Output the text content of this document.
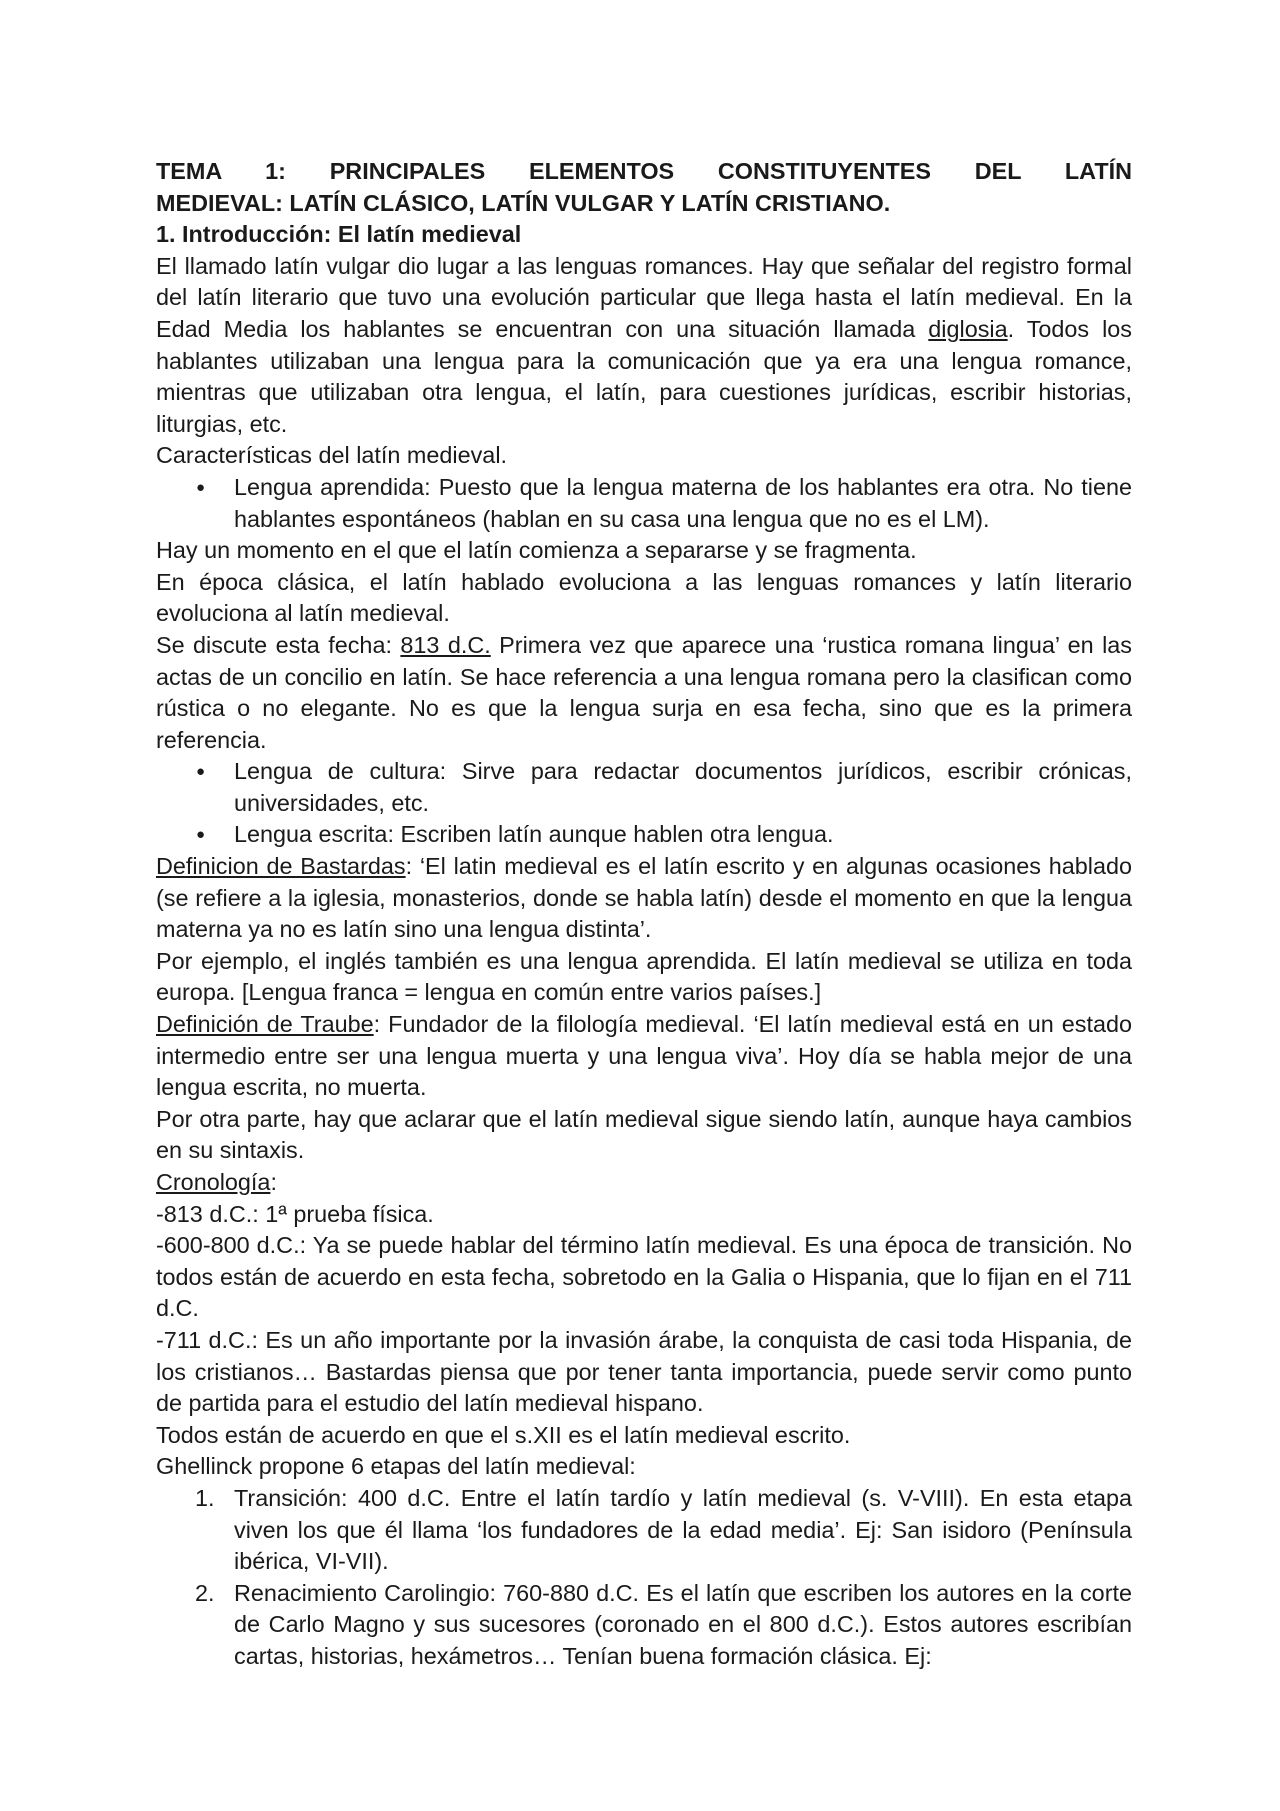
TEMA 1: PRINCIPALES ELEMENTOS CONSTITUYENTES DEL LATÍN
MEDIEVAL: LATÍN CLÁSICO, LATÍN VULGAR Y LATÍN CRISTIANO.

1. Introducción: El latín medieval

El llamado latín vulgar dio lugar a las lenguas romances. Hay que señalar del registro formal del latín literario que tuvo una evolución particular que llega hasta el latín medieval. En la Edad Media los hablantes se encuentran con una situación llamada diglosia. Todos los hablantes utilizaban una lengua para la comunicación que ya era una lengua romance, mientras que utilizaban otra lengua, el latín, para cuestiones jurídicas, escribir historias, liturgias, etc.

Características del latín medieval.

● Lengua aprendida: Puesto que la lengua materna de los hablantes era otra. No tiene hablantes espontáneos (hablan en su casa una lengua que no es el LM).

Hay un momento en el que el latín comienza a separarse y se fragmenta.

En época clásica, el latín hablado evoluciona a las lenguas romances y latín literario evoluciona al latín medieval.

Se discute esta fecha: 813 d.C. Primera vez que aparece una ‘rustica romana lingua’ en las actas de un concilio en latín. Se hace referencia a una lengua romana pero la clasifican como rústica o no elegante. No es que la lengua surja en esa fecha, sino que es la primera referencia.

● Lengua de cultura: Sirve para redactar documentos jurídicos, escribir crónicas, universidades, etc.
● Lengua escrita: Escriben latín aunque hablen otra lengua.

Definicion de Bastardas: ‘El latin medieval es el latín escrito y en algunas ocasiones hablado (se refiere a la iglesia, monasterios, donde se habla latín) desde el momento en que la lengua materna ya no es latín sino una lengua distinta’.

Por ejemplo, el inglés también es una lengua aprendida. El latín medieval se utiliza en toda europa. [Lengua franca = lengua en común entre varios países.]

Definición de Traube: Fundador de la filología medieval. ‘El latín medieval está en un estado intermedio entre ser una lengua muerta y una lengua viva’. Hoy día se habla mejor de una lengua escrita, no muerta.

Por otra parte, hay que aclarar que el latín medieval sigue siendo latín, aunque haya cambios en su sintaxis.

Cronología:

-813 d.C.: 1ª prueba física.

-600-800 d.C.: Ya se puede hablar del término latín medieval. Es una época de transición. No todos están de acuerdo en esta fecha, sobretodo en la Galia o Hispania, que lo fijan en el 711 d.C.

-711 d.C.: Es un año importante por la invasión árabe, la conquista de casi toda Hispania, de los cristianos… Bastardas piensa que por tener tanta importancia, puede servir como punto de partida para el estudio del latín medieval hispano.

Todos están de acuerdo en que el s.XII es el latín medieval escrito.

Ghellinck propone 6 etapas del latín medieval:

1. Transición: 400 d.C. Entre el latín tardío y latín medieval (s. V-VIII). En esta etapa viven los que él llama ‘los fundadores de la edad media’. Ej: San isidoro (Península ibérica, VI-VII).
2. Renacimiento Carolingio: 760-880 d.C. Es el latín que escriben los autores en la corte de Carlo Magno y sus sucesores (coronado en el 800 d.C.). Estos autores escribían cartas, historias, hexámetros… Tenían buena formación clásica. Ej:
